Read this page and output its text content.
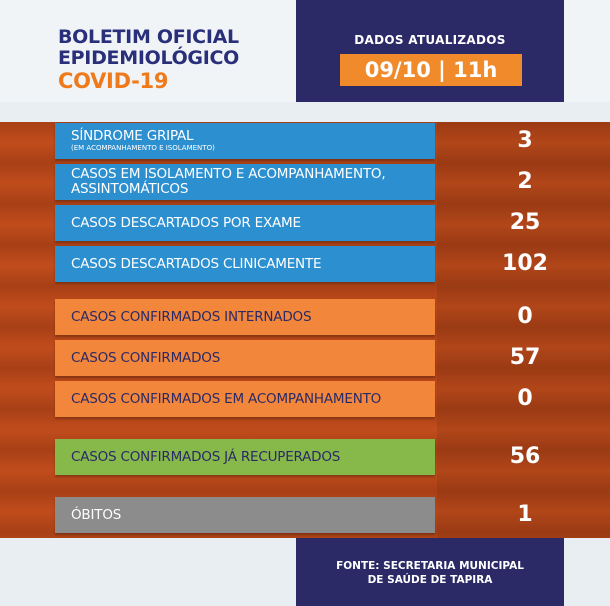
BOLETIM OFICIAL
EPIDEMIOLÓGICO
COVID-19
DADOS ATUALIZADOS
09/10 | 11h
SÍNDROME GRIPAL
(EM ACOMPANHAMENTO E ISOLAMENTO)	3
CASOS EM ISOLAMENTO E ACOMPANHAMENTO, ASSINTOMÁTICOS	2
CASOS DESCARTADOS POR EXAME	25
CASOS DESCARTADOS CLINICAMENTE	102
CASOS CONFIRMADOS INTERNADOS	0
CASOS CONFIRMADOS	57
CASOS CONFIRMADOS EM ACOMPANHAMENTO	0
CASOS CONFIRMADOS JÁ RECUPERADOS	56
ÓBITOS	1
FONTE: SECRETARIA MUNICIPAL
DE SAÚDE DE TAPIRA
